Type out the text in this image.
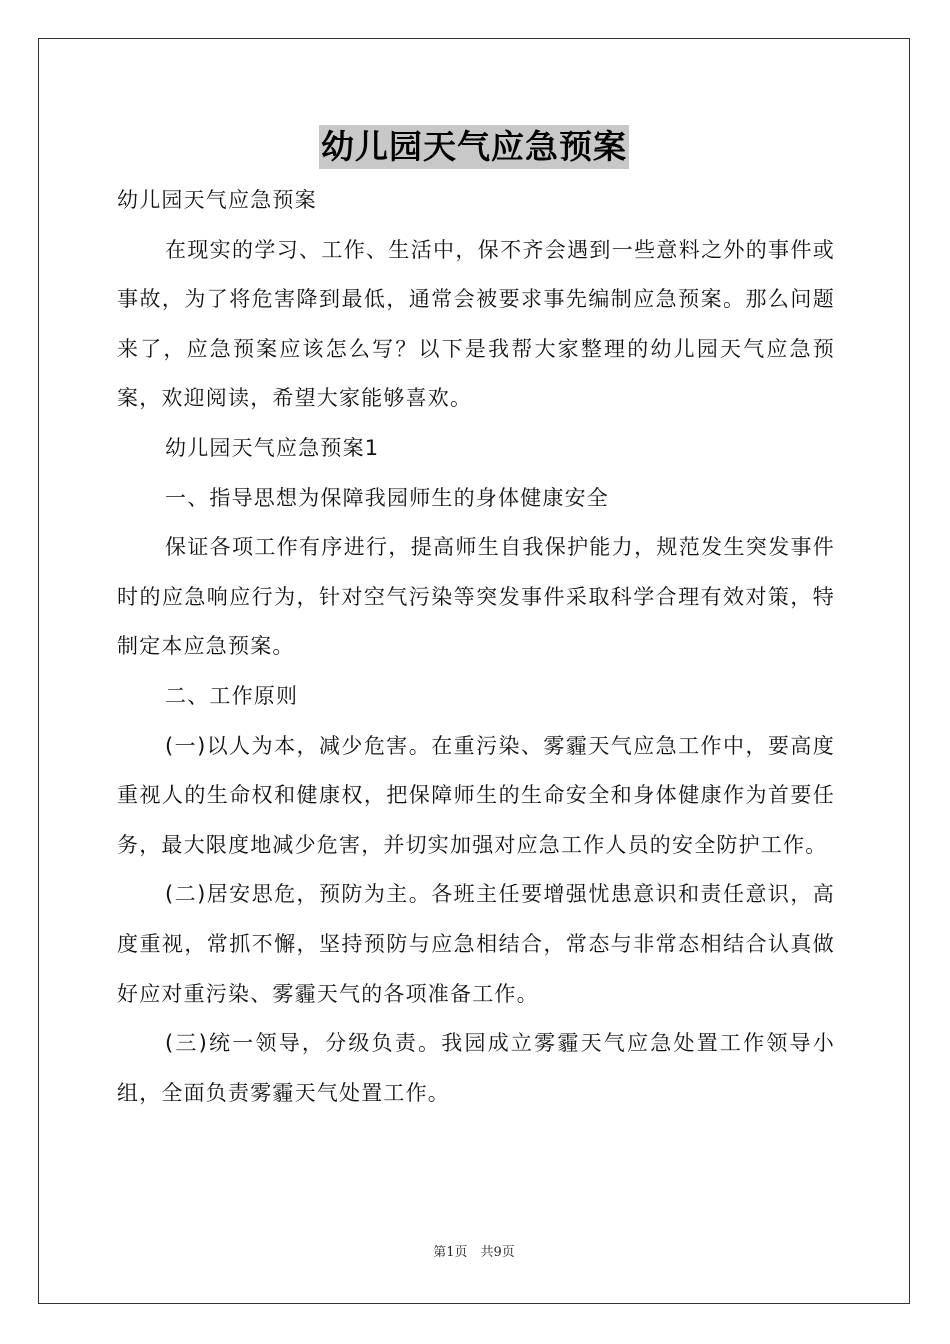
幼儿园天气应急预案

幼儿园天气应急预案

在现实的学习、工作、生活中，保不齐会遇到一些意料之外的事件或事故，为了将危害降到最低，通常会被要求事先编制应急预案。那么问题来了，应急预案应该怎么写？以下是我帮大家整理的幼儿园天气应急预案，欢迎阅读，希望大家能够喜欢。

幼儿园天气应急预案1

一、指导思想为保障我园师生的身体健康安全

保证各项工作有序进行，提高师生自我保护能力，规范发生突发事件时的应急响应行为，针对空气污染等突发事件采取科学合理有效对策，特制定本应急预案。

二、工作原则

(一)以人为本，减少危害。在重污染、雾霾天气应急工作中，要高度重视人的生命权和健康权，把保障师生的生命安全和身体健康作为首要任务，最大限度地减少危害，并切实加强对应急工作人员的安全防护工作。

(二)居安思危，预防为主。各班主任要增强忧患意识和责任意识，高度重视，常抓不懈，坚持预防与应急相结合，常态与非常态相结合认真做好应对重污染、雾霾天气的各项准备工作。

(三)统一领导，分级负责。我园成立雾霾天气应急处置工作领导小组，全面负责雾霾天气处置工作。

第1页　共9页
